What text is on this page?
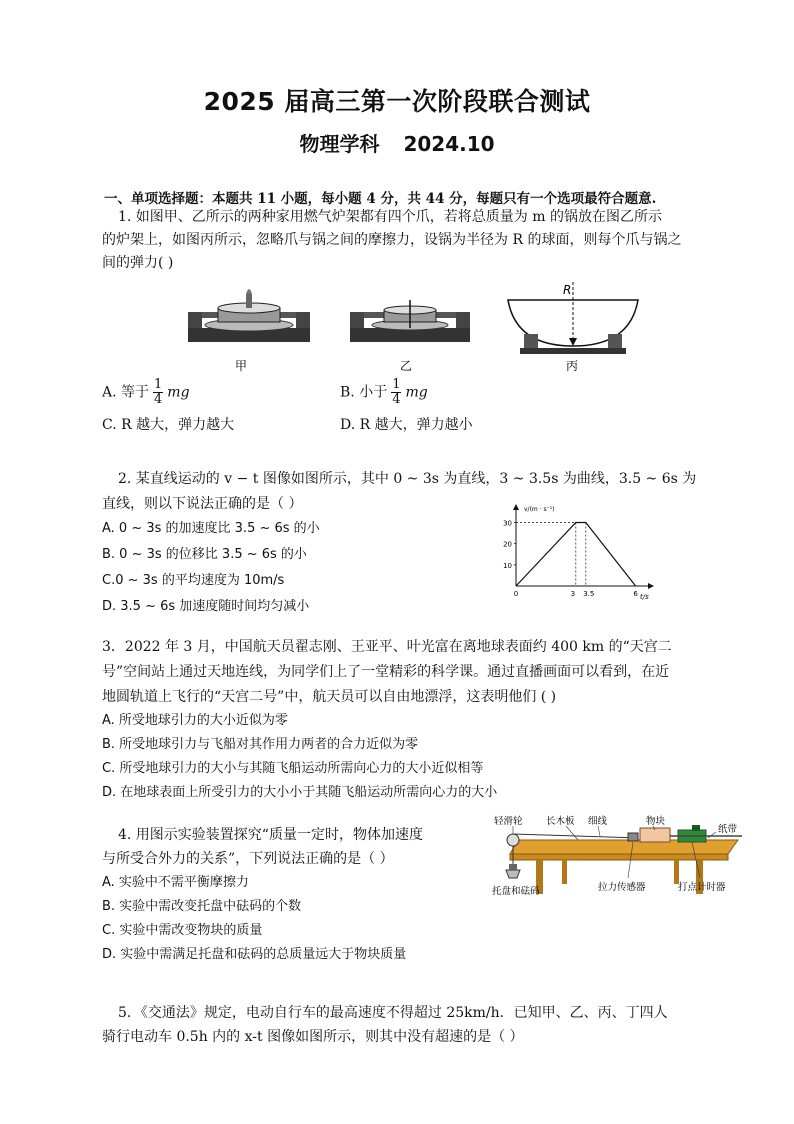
2025 届高三第一次阶段联合测试
物理学科 2024.10
一、单项选择题：本题共 11 小题，每小题 4 分，共 44 分，每题只有一个选项最符合题意.
1. 如图甲、乙所示的两种家用燃气炉架都有四个爪，若将总质量为 m 的锅放在图乙所示
的炉架上，如图丙所示，忽略爪与锅之间的摩擦力，设锅为半径为 R 的球面，则每个爪与锅之
间的弹力( )
R
甲	乙	丙
A. 等于 $\frac{1}{4}$ mg	B. 小于 $\frac{1}{4}$ mg
C. R 越大，弹力越大	D. R 越大，弹力越小
2. 某直线运动的 v − t 图像如图所示，其中 0 ~ 3s 为直线，3 ~ 3.5s 为曲线，3.5 ~ 6s 为
直线，则以下说法正确的是（ ）
A. 0 ~ 3s 的加速度比 3.5 ~ 6s 的小
B. 0 ~ 3s 的位移比 3.5 ~ 6s 的小
C.0 ~ 3s 的平均速度为 10m/s
D. 3.5 ~ 6s 加速度随时间均匀减小
v/(m · s⁻¹)
t/s
10
20
30
0	3 3.5	6
3．2022 年 3 月，中国航天员翟志刚、王亚平、叶光富在离地球表面约 400 km 的“天宫二
号”空间站上通过天地连线，为同学们上了一堂精彩的科学课。通过直播画面可以看到，在近
地圆轨道上飞行的“天宫二号”中，航天员可以自由地漂浮，这表明他们 ( )
A. 所受地球引力的大小近似为零
B. 所受地球引力与飞船对其作用力两者的合力近似为零
C. 所受地球引力的大小与其随飞船运动所需向心力的大小近似相等
D. 在地球表面上所受引力的大小小于其随飞船运动所需向心力的大小
4. 用图示实验装置探究“质量一定时，物体加速度
与所受合外力的关系”，下列说法正确的是（ ）
A. 实验中不需平衡摩擦力
B. 实验中需改变托盘中砝码的个数
C. 实验中需改变物块的质量
D. 实验中需满足托盘和砝码的总质量远大于物块质量
轻滑轮 长木板 细线	物块
纸带
拉力传感器	打点计时器
托盘和砝码
5．《交通法》规定，电动自行车的最高速度不得超过 25km/h．已知甲、乙、丙、丁四人
骑行电动车 0.5h 内的 x-t 图像如图所示，则其中没有超速的是（ ）
